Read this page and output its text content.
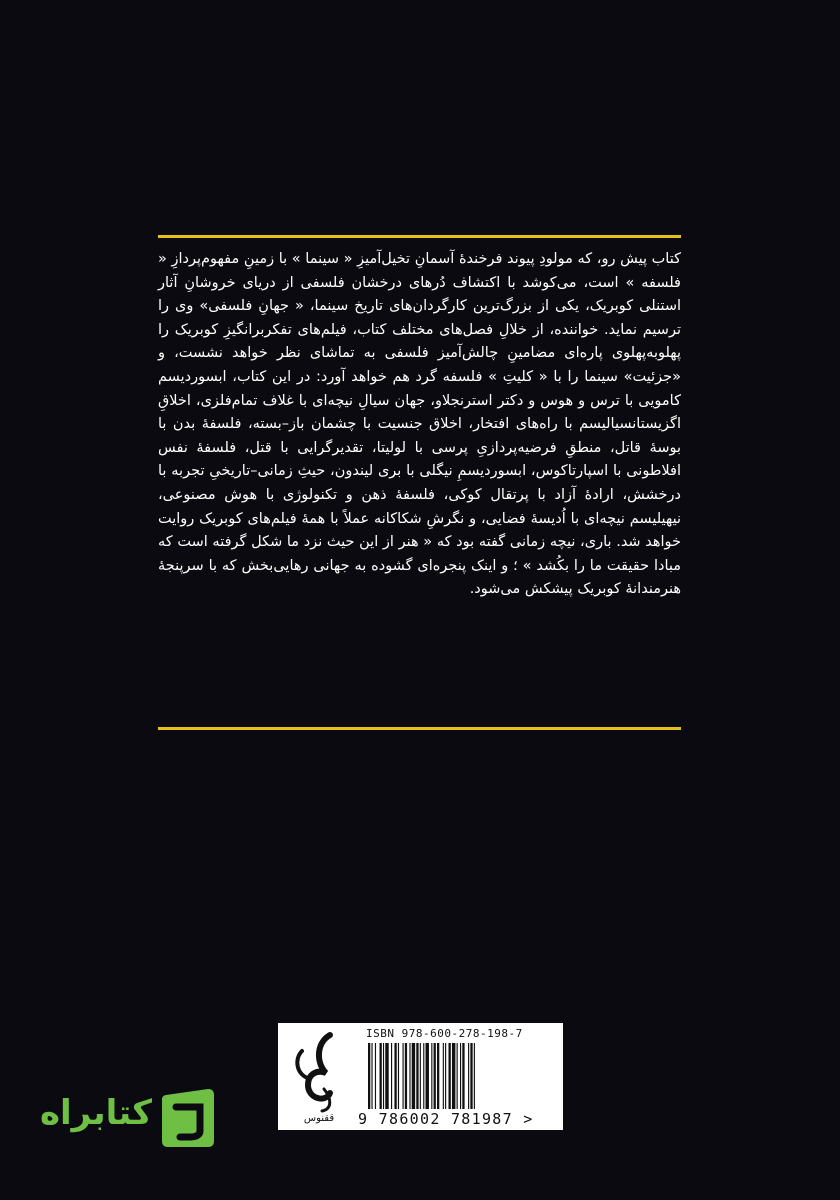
کتاب پیش رو، که مولودِ پیوند فرخندهٔ آسمانِ تخیل‌آمیزِ « سینما » با زمینِ مفهوم‌پردازِ « فلسفه » است، می‌کوشد با اکتشاف دُرهای درخشان فلسفی از دریای خروشانِ آثار استنلی کوبریک، یکی از بزرگ‌ترین کارگردان‌های تاریخ سینما، « جهانِ فلسفی» وی را ترسیم نماید. خواننده، از خلالِ فصل‌های مختلف کتاب، فیلم‌های تفکربرانگیزِ کوبریک را پهلوبه‌پهلوی پاره‌ای مضامینِ چالش‌آمیز فلسفی به تماشای نظر خواهد نشست، و «جزئیت» سینما را با « کلیتِ » فلسفه گرد هم خواهد آورد: در این کتاب، ابسوردیسم کامویی با ترس و هوس و دکتر استرنجلاو، جهان سیالِ نیچه‌ای با غلاف تمام‌فلزی، اخلاقِ اگزیستانسیالیسم با راه‌های افتخار، اخلاق جنسیت با چشمان باز–بسته، فلسفهٔ بدن با بوسهٔ قاتل، منطقِ فرضیه‌پردازیِ پرسی با لولیتا، تقدیرگرایی با قتل، فلسفهٔ نفس افلاطونی با اسپارتاکوس، ابسوردیسمِ نیگلی با بری لیندون، حیثِ زمانی–تاریخیِ تجربه با درخشش، ارادهٔ آزاد با پرتقال کوکی، فلسفهٔ ذهن و تکنولوژی با هوش مصنوعی، نیهیلیسم نیچه‌ای با اُدیسهٔ فضایی، و نگرشِ شکاکانه عملاً با همهٔ فیلم‌های کوبریک روایت خواهد شد. باری، نیچه زمانی گفته بود که « هنر از این حیث نزد ما شکل گرفته است که مبادا حقیقت ما را بکُشد » ؛ و اینک پنجره‌ای گشوده به جهانی رهایی‌بخش که با سرپنجهٔ هنرمندانهٔ کوبریک پیشکش می‌شود.

ISBN 978-600-278-198-7
ققنوس 9 786002 781987 >
کتابراه
